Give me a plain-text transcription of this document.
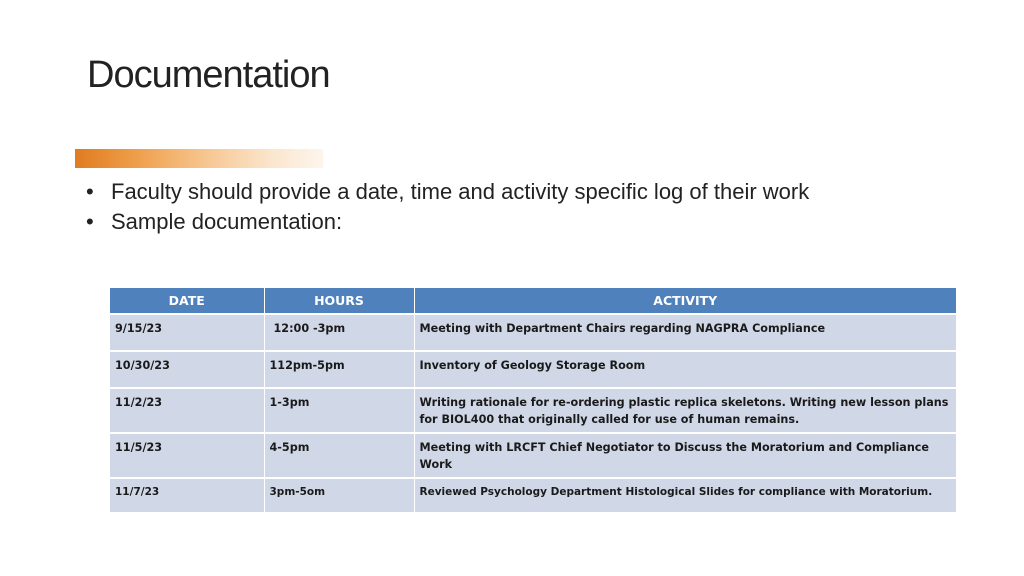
Documentation
• Faculty should provide a date, time and activity specific log of their work
• Sample documentation:
DATE	HOURS	ACTIVITY
9/15/23	12:00 -3pm	Meeting with Department Chairs regarding NAGPRA Compliance
10/30/23	112pm-5pm	Inventory of Geology Storage Room
11/2/23	1-3pm	Writing rationale for re-ordering plastic replica skeletons. Writing new lesson plans for BIOL400 that originally called for use of human remains.
11/5/23	4-5pm	Meeting with LRCFT Chief Negotiator to Discuss the Moratorium and Compliance Work
11/7/23	3pm-5om	Reviewed Psychology Department Histological Slides for compliance with Moratorium.
